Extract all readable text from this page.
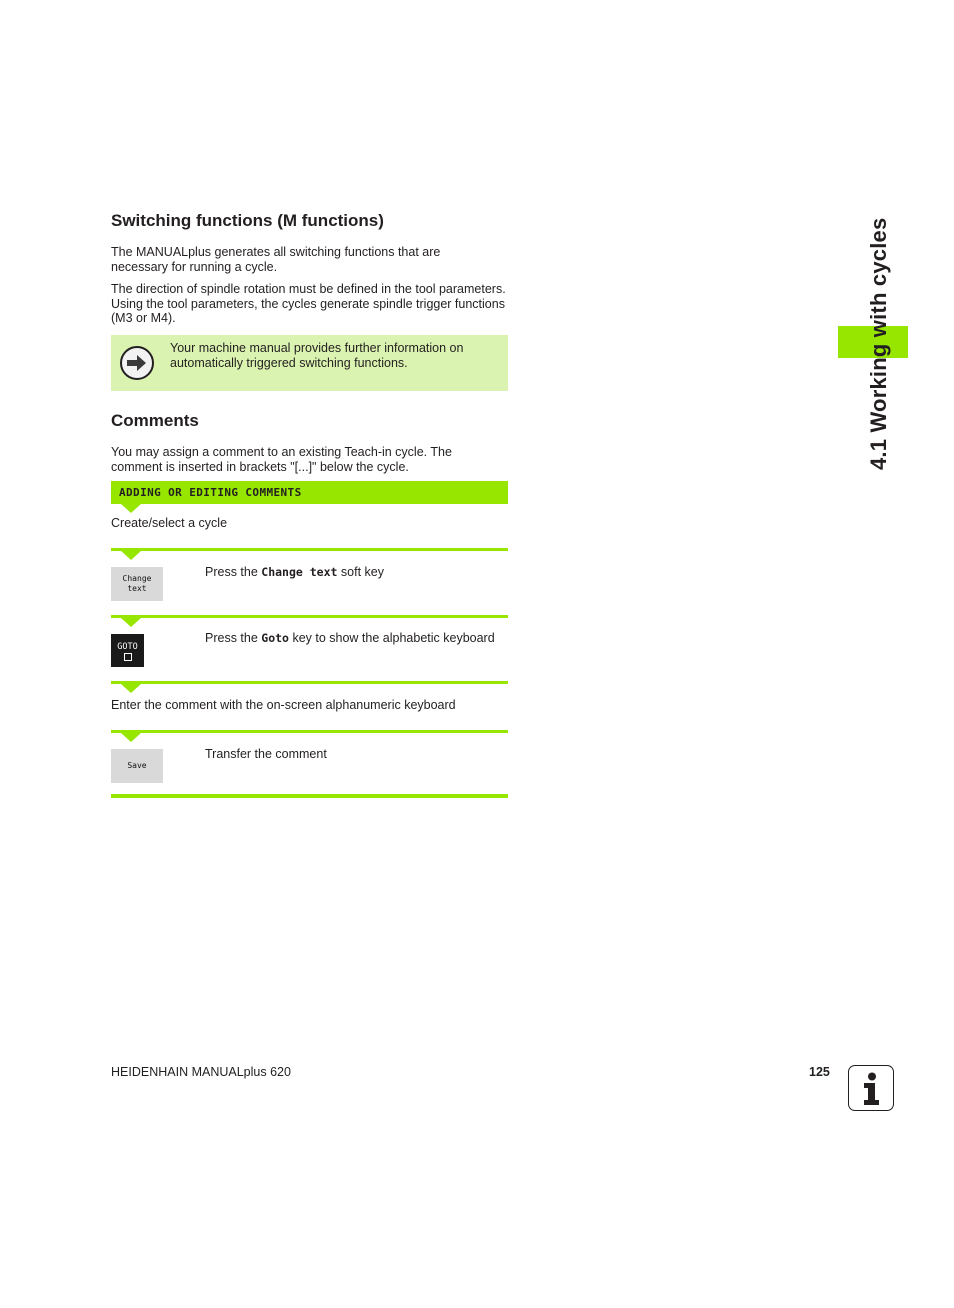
4.1 Working with cycles
Switching functions (M functions)

The MANUALplus generates all switching functions that are necessary for running a cycle.

The direction of spindle rotation must be defined in the tool parameters. Using the tool parameters, the cycles generate spindle trigger functions (M3 or M4).

Your machine manual provides further information on automatically triggered switching functions.

Comments

You may assign a comment to an existing Teach-in cycle. The comment is inserted in brackets "[...]" below the cycle.

ADDING OR EDITING COMMENTS

Create/select a cycle

Change
text

Press the Change text soft key

GOTO

Press the Goto key to show the alphabetic keyboard

Enter the comment with the on-screen alphanumeric keyboard

Save

Transfer the comment

HEIDENHAIN MANUALplus 620	125
